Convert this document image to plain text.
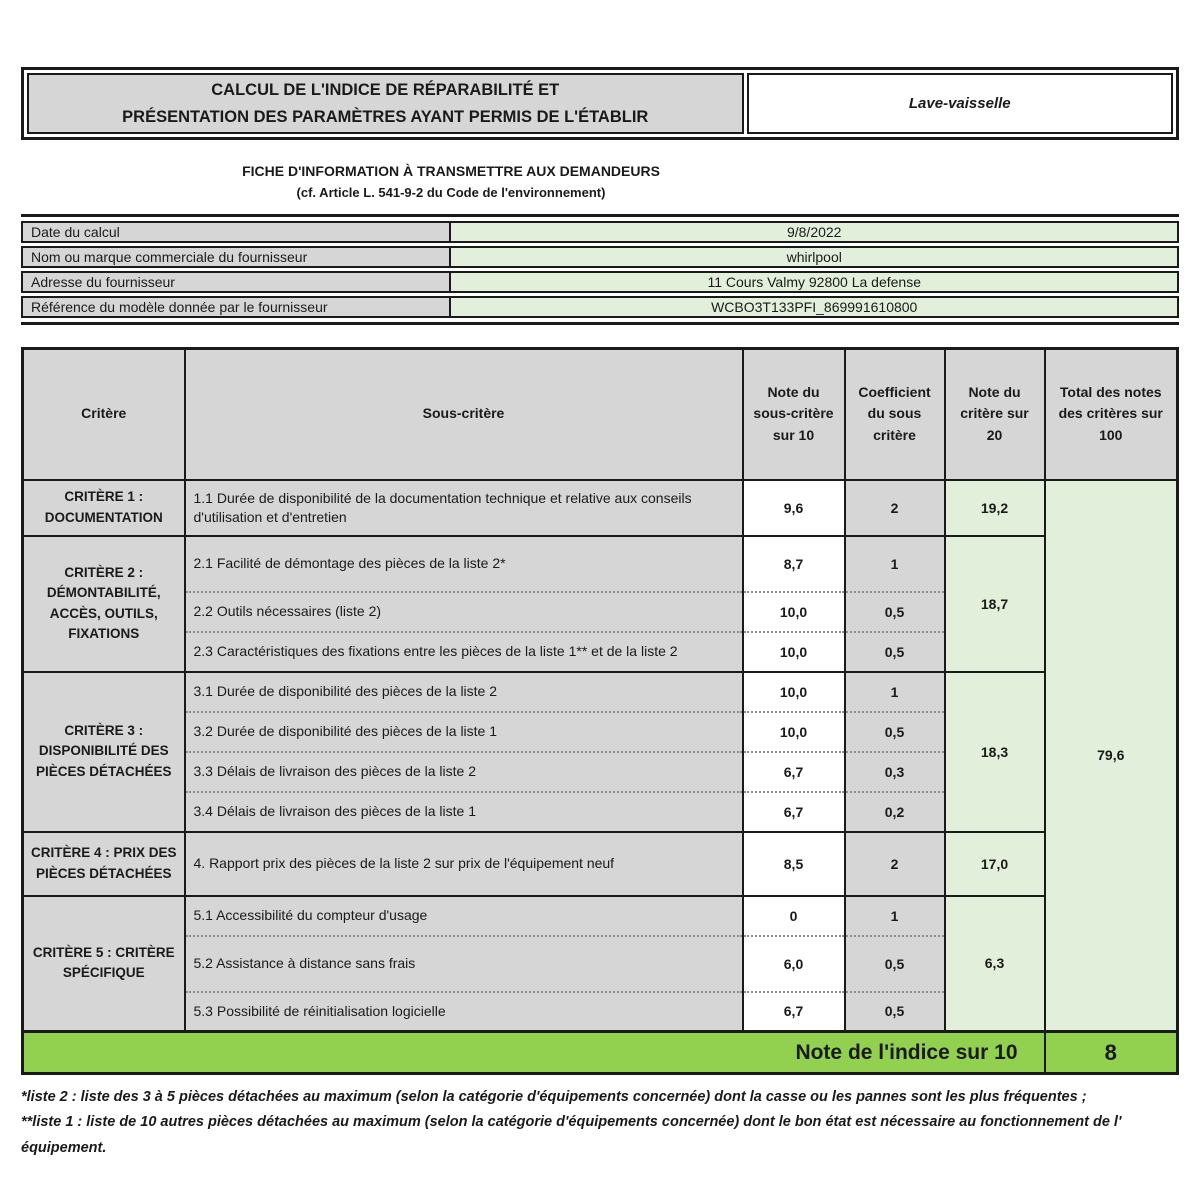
CALCUL DE L'INDICE DE RÉPARABILITÉ ET
PRÉSENTATION DES PARAMÈTRES AYANT PERMIS DE L'ÉTABLIR
Lave-vaisselle
FICHE D'INFORMATION À TRANSMETTRE AUX DEMANDEURS
(cf. Article L. 541-9-2 du Code de l'environnement)
Date du calcul	9/8/2022
Nom ou marque commerciale du fournisseur	whirlpool
Adresse du fournisseur	11 Cours Valmy 92800 La defense
Référence du modèle donnée par le fournisseur	WCBO3T133PFI_869991610800
Critère	Sous-critère	Note du sous-critère sur 10	Coefficient du sous critère	Note du critère sur 20	Total des notes des critères sur 100
CRITÈRE 1 : DOCUMENTATION	1.1 Durée de disponibilité de la documentation technique et relative aux conseils d'utilisation et d'entretien	9,6	2	19,2	79,6
CRITÈRE 2 : DÉMONTABILITÉ, ACCÈS, OUTILS, FIXATIONS	2.1 Facilité de démontage des pièces de la liste 2*	8,7	1	18,7	
	2.2 Outils nécessaires (liste 2)	10,0	0,5		
	2.3 Caractéristiques des fixations entre les pièces de la liste 1** et de la liste 2	10,0	0,5		
CRITÈRE 3 : DISPONIBILITÉ DES PIÈCES DÉTACHÉES	3.1 Durée de disponibilité des pièces de la liste 2	10,0	1	18,3	
	3.2 Durée de disponibilité des pièces de la liste 1	10,0	0,5		
	3.3 Délais de livraison des pièces de la liste 2	6,7	0,3		
	3.4 Délais de livraison des pièces de la liste 1	6,7	0,2		
CRITÈRE 4 : PRIX DES PIÈCES DÉTACHÉES	4. Rapport prix des pièces de la liste 2 sur prix de l'équipement neuf	8,5	2	17,0	
CRITÈRE 5 : CRITÈRE SPÉCIFIQUE	5.1 Accessibilité du compteur d'usage	0	1	6,3	
	5.2 Assistance à distance sans frais	6,0	0,5		
	5.3 Possibilité de réinitialisation logicielle	6,7	0,5		
Note de l'indice sur 10					8

*liste 2 : liste des 3 à 5 pièces détachées au maximum (selon la catégorie d'équipements concernée) dont la casse ou les pannes sont les plus fréquentes ;

**liste 1 : liste de 10 autres pièces détachées au maximum (selon la catégorie d'équipements concernée) dont le bon état est nécessaire au fonctionnement de l' équipement.
